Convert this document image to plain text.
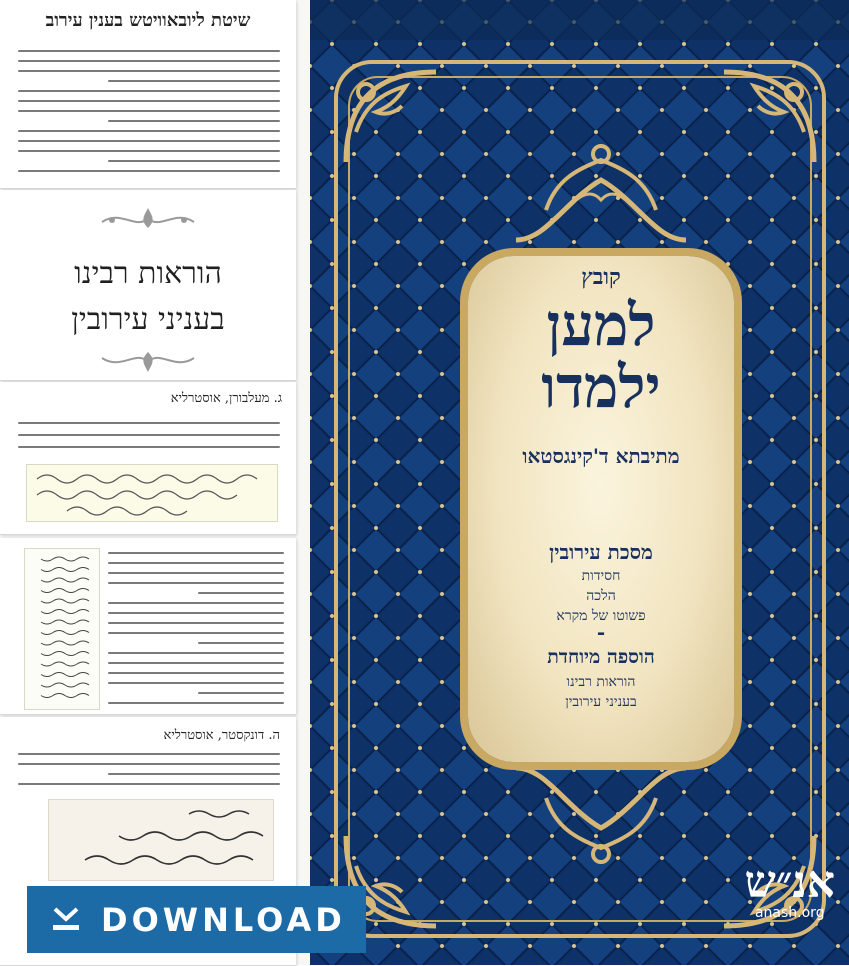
שיטת ליובאוויטש בענין עירוב
הוראות רבינו
בעניני עירובין
ג. מעלבורן, אוסטרליא
ה. דונקסטר, אוסטרליא
קובץ
למען
ילמדו
מתיבתא ד'קינגסטאו
מסכת עירובין
חסידות
הלכה
פשוטו של מקרא
-
הוספה מיוחדת
הוראות רבינו
בעניני עירובין
אנ״ש
anash.org
DOWNLOAD
